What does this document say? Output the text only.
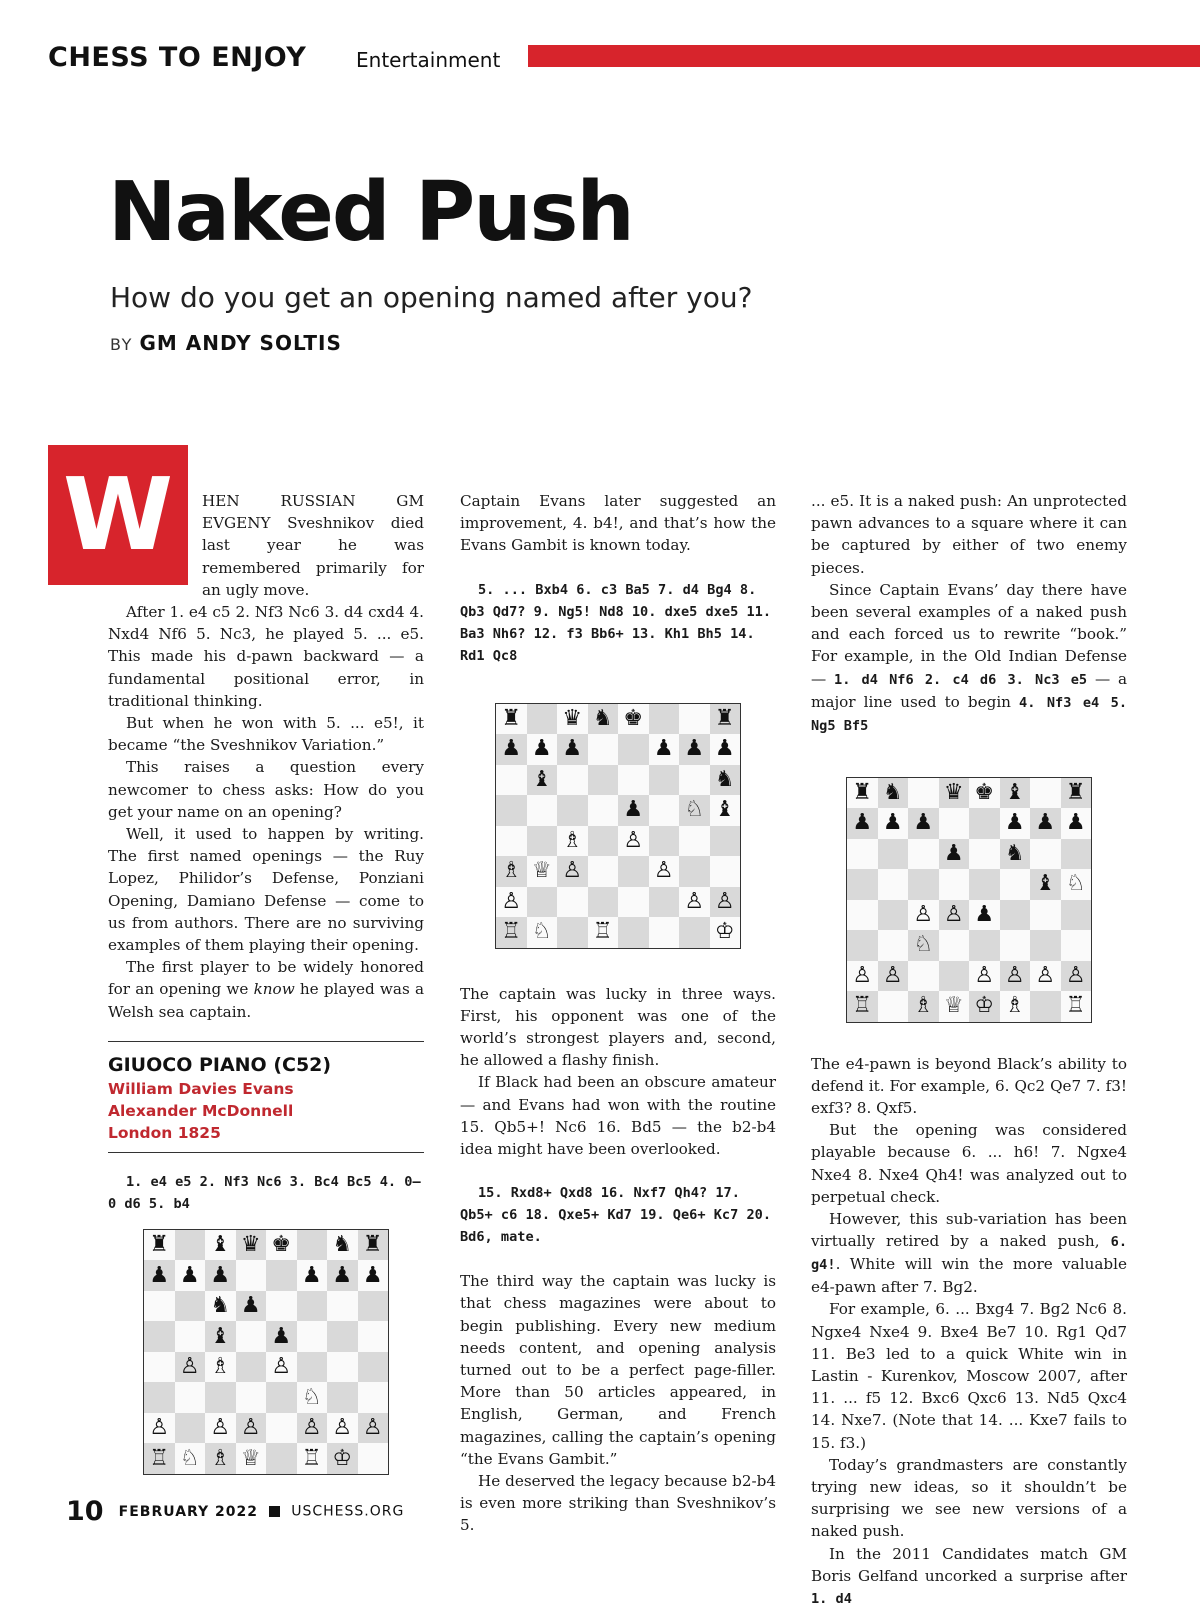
CHESS TO ENJOY Entertainment
Naked Push
How do you get an opening named after you?
BY GM ANDY SOLTIS
W	HEN RUSSIAN GM EVGENY Sveshnikov died last year he was remembered primarily for an ugly move.

After 1. e4 c5 2. Nf3 Nc6 3. d4 cxd4 4. Nxd4 Nf6 5. Nc3, he played 5. ... e5. This made his d-pawn backward — a fundamental positional error, in traditional thinking.

But when he won with 5. ... e5!, it became “the Sveshnikov Variation.”

This raises a question every newcomer to chess asks: How do you get your name on an opening?

Well, it used to happen by writing. The first named openings — the Ruy Lopez, Philidor’s Defense, Ponziani Opening, Damiano Defense — come to us from authors. There are no surviving examples of them playing their opening.

The first player to be widely honored for an opening we know he played was a Welsh sea captain.

GIUOCO PIANO (C52)
William Davies Evans
Alexander McDonnell
London 1825

1. e4 e5 2. Nf3 Nc6 3. Bc4 Bc5 4. 0–0 d6 5. b4

♜ ♝ ♛ ♚ ♞ ♜
♟ ♟ ♟	♟ ♟ ♟
♞ ♟
♝ ♟
♙ ♗ ♙
♘
♙ ♙ ♙ ♙ ♙ ♙
♖ ♘ ♗ ♕ ♖ ♔

Captain Evans later suggested an improvement, 4. b4!, and that’s how the Evans Gambit is known today.

5. ... Bxb4 6. c3 Ba5 7. d4 Bg4 8. Qb3 Qd7? 9. Ng5! Nd8 10. dxe5 dxe5 11. Ba3 Nh6? 12. f3 Bb6+ 13. Kh1 Bh5 14. Rd1 Qc8

♜ ♛ ♞ ♚	♜
♟ ♟ ♟	♟ ♟ ♟
♝	♞
♟ ♘ ♝
♗ ♙
♗ ♕ ♙	♙
♙	♙ ♙
♖ ♘ ♖	♔

The captain was lucky in three ways. First, his opponent was one of the world’s strongest players and, second, he allowed a flashy finish.

If Black had been an obscure amateur — and Evans had won with the routine 15. Qb5+! Nc6 16. Bd5 — the b2-b4 idea might have been overlooked.

15. Rxd8+ Qxd8 16. Nxf7 Qh4? 17. Qb5+ c6 18. Qxe5+ Kd7 19. Qe6+ Kc7 20. Bd6, mate.

The third way the captain was lucky is that chess magazines were about to begin publishing. Every new medium needs content, and opening analysis turned out to be a perfect page-filler. More than 50 articles appeared, in English, German, and French magazines, calling the captain’s opening “the Evans Gambit.”

He deserved the legacy because b2-b4 is even more striking than Sveshnikov’s 5.

... e5. It is a naked push: An unprotected pawn advances to a square where it can be captured by either of two enemy pieces.

Since Captain Evans’ day there have been several examples of a naked push and each forced us to rewrite “book.” For example, in the Old Indian Defense — 1. d4 Nf6 2. c4 d6 3. Nc3 e5 — a major line used to begin 4. Nf3 e4 5. Ng5 Bf5

♜ ♞ ♛ ♚ ♝ ♜
♟ ♟ ♟	♟ ♟ ♟
♟ ♞
♝ ♘
♙ ♙ ♟
♘
♙ ♙	♙ ♙ ♙ ♙
♖ ♗ ♕ ♔ ♗ ♖

The e4-pawn is beyond Black’s ability to defend it. For example, 6. Qc2 Qe7 7. f3! exf3? 8. Qxf5.

But the opening was considered playable because 6. ... h6! 7. Ngxe4 Nxe4 8. Nxe4 Qh4! was analyzed out to perpetual check.

However, this sub-variation has been virtually retired by a naked push, 6. g4!. White will win the more valuable e4-pawn after 7. Bg2.

For example, 6. ... Bxg4 7. Bg2 Nc6 8. Ngxe4 Nxe4 9. Bxe4 Be7 10. Rg1 Qd7 11. Be3 led to a quick White win in Lastin - Kurenkov, Moscow 2007, after 11. ... f5 12. Bxc6 Qxc6 13. Nd5 Qxc4 14. Nxe7. (Note that 14. ... Kxe7 fails to 15. f3.)

Today’s grandmasters are constantly trying new ideas, so it shouldn’t be surprising we see new versions of a naked push.

In the 2011 Candidates match GM Boris Gelfand uncorked a surprise after 1. d4

10 FEBRUARY 2022 USCHESS.ORG
